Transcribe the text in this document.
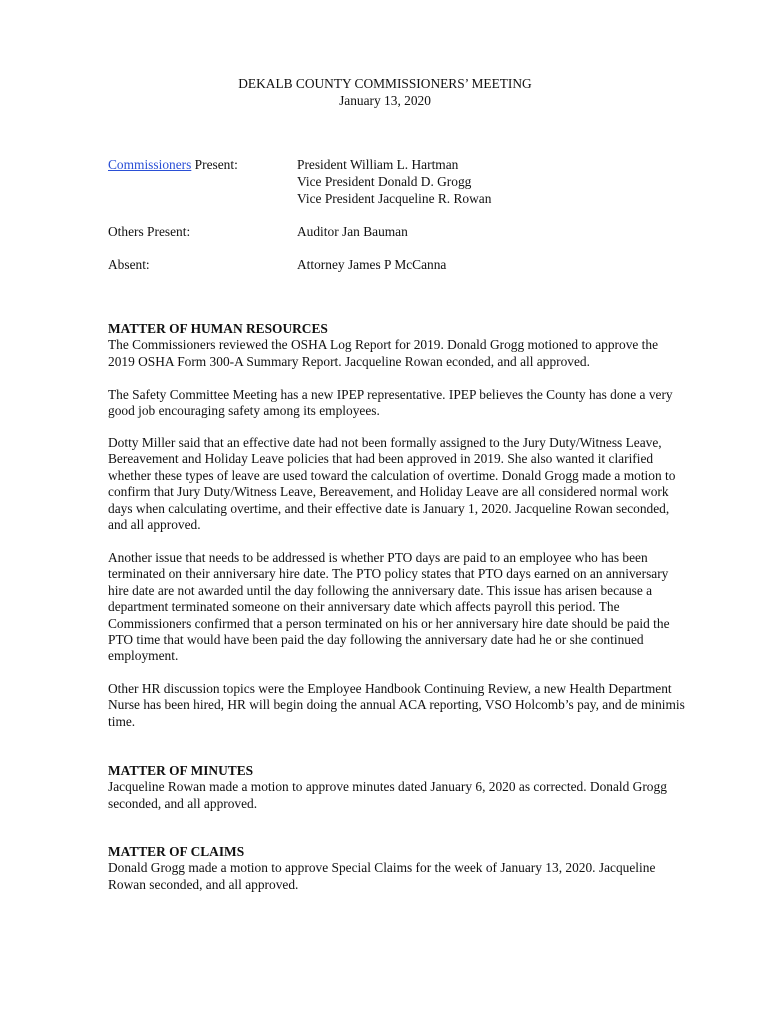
DEKALB COUNTY COMMISSIONERS’ MEETING
January 13, 2020
Commissioners Present:	President William L. Hartman
Vice President Donald D. Grogg
Vice President Jacqueline R. Rowan
Others Present:	Auditor Jan Bauman
Absent:	Attorney James P McCanna
MATTER OF HUMAN RESOURCES

The Commissioners reviewed the OSHA Log Report for 2019. Donald Grogg motioned to approve the 2019 OSHA Form 300-A Summary Report. Jacqueline Rowan econded, and all approved.

The Safety Committee Meeting has a new IPEP representative. IPEP believes the County has done a very good job encouraging safety among its employees.

Dotty Miller said that an effective date had not been formally assigned to the Jury Duty/Witness Leave, Bereavement and Holiday Leave policies that had been approved in 2019. She also wanted it clarified whether these types of leave are used toward the calculation of overtime. Donald Grogg made a motion to confirm that Jury Duty/Witness Leave, Bereavement, and Holiday Leave are all considered normal work days when calculating overtime, and their effective date is January 1, 2020. Jacqueline Rowan seconded, and all approved.

Another issue that needs to be addressed is whether PTO days are paid to an employee who has been terminated on their anniversary hire date. The PTO policy states that PTO days earned on an anniversary hire date are not awarded until the day following the anniversary date. This issue has arisen because a department terminated someone on their anniversary date which affects payroll this period. The Commissioners confirmed that a person terminated on his or her anniversary hire date should be paid the PTO time that would have been paid the day following the anniversary date had he or she continued employment.

Other HR discussion topics were the Employee Handbook Continuing Review, a new Health Department Nurse has been hired, HR will begin doing the annual ACA reporting, VSO Holcomb’s pay, and de minimis time.

MATTER OF MINUTES

Jacqueline Rowan made a motion to approve minutes dated January 6, 2020 as corrected. Donald Grogg seconded, and all approved.

MATTER OF CLAIMS

Donald Grogg made a motion to approve Special Claims for the week of January 13, 2020. Jacqueline Rowan seconded, and all approved.
